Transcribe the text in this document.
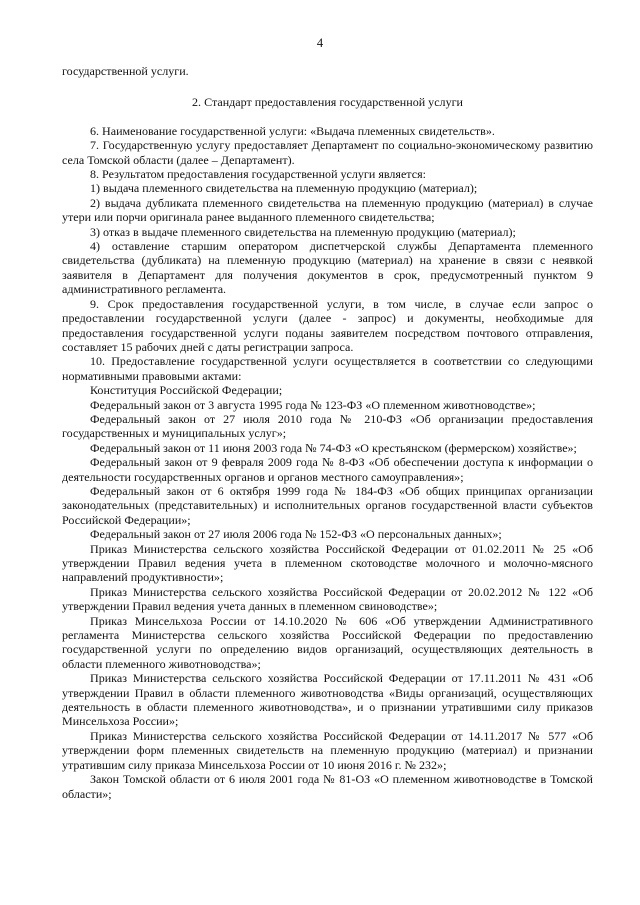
4

государственной услуги.

2. Стандарт предоставления государственной услуги

6. Наименование государственной услуги: «Выдача племенных свидетельств».

7. Государственную услугу предоставляет Департамент по социально-экономическому развитию села Томской области (далее – Департамент).

8. Результатом предоставления государственной услуги является:

1) выдача племенного свидетельства на племенную продукцию (материал);

2) выдача дубликата племенного свидетельства на племенную продукцию (материал) в случае утери или порчи оригинала ранее выданного племенного свидетельства;

3) отказ в выдаче племенного свидетельства на племенную продукцию (материал);

4) оставление старшим оператором диспетчерской службы Департамента племенного свидетельства (дубликата) на племенную продукцию (материал) на хранение в связи с неявкой заявителя в Департамент для получения документов в срок, предусмотренный пунктом 9 административного регламента.

9. Срок предоставления государственной услуги, в том числе, в случае если запрос о предоставлении государственной услуги (далее - запрос) и документы, необходимые для предоставления государственной услуги поданы заявителем посредством почтового отправления, составляет 15 рабочих дней с даты регистрации запроса.

10. Предоставление государственной услуги осуществляется в соответствии со следующими нормативными правовыми актами:

Конституция Российской Федерации;

Федеральный закон от 3 августа 1995 года № 123-ФЗ «О племенном животноводстве»;

Федеральный закон от 27 июля 2010 года № 210-ФЗ «Об организации предоставления государственных и муниципальных услуг»;

Федеральный закон от 11 июня 2003 года № 74-ФЗ «О крестьянском (фермерском) хозяйстве»;

Федеральный закон от 9 февраля 2009 года № 8-ФЗ «Об обеспечении доступа к информации о деятельности государственных органов и органов местного самоуправления»;

Федеральный закон от 6 октября 1999 года № 184-ФЗ «Об общих принципах организации законодательных (представительных) и исполнительных органов государственной власти субъектов Российской Федерации»;

Федеральный закон от 27 июля 2006 года № 152-ФЗ «О персональных данных»;

Приказ Министерства сельского хозяйства Российской Федерации от 01.02.2011 № 25 «Об утверждении Правил ведения учета в племенном скотоводстве молочного и молочно-мясного направлений продуктивности»;

Приказ Министерства сельского хозяйства Российской Федерации от 20.02.2012 № 122 «Об утверждении Правил ведения учета данных в племенном свиноводстве»;

Приказ Минсельхоза России от 14.10.2020 № 606 «Об утверждении Административного регламента Министерства сельского хозяйства Российской Федерации по предоставлению государственной услуги по определению видов организаций, осуществляющих деятельность в области племенного животноводства»;

Приказ Министерства сельского хозяйства Российской Федерации от 17.11.2011 № 431 «Об утверждении Правил в области племенного животноводства «Виды организаций, осуществляющих деятельность в области племенного животноводства», и о признании утратившими силу приказов Минсельхоза России»;

Приказ Министерства сельского хозяйства Российской Федерации от 14.11.2017 № 577 «Об утверждении форм племенных свидетельств на племенную продукцию (материал) и признании утратившим силу приказа Минсельхоза России от 10 июня 2016 г. № 232»;

Закон Томской области от 6 июля 2001 года № 81-ОЗ «О племенном животноводстве в Томской области»;
